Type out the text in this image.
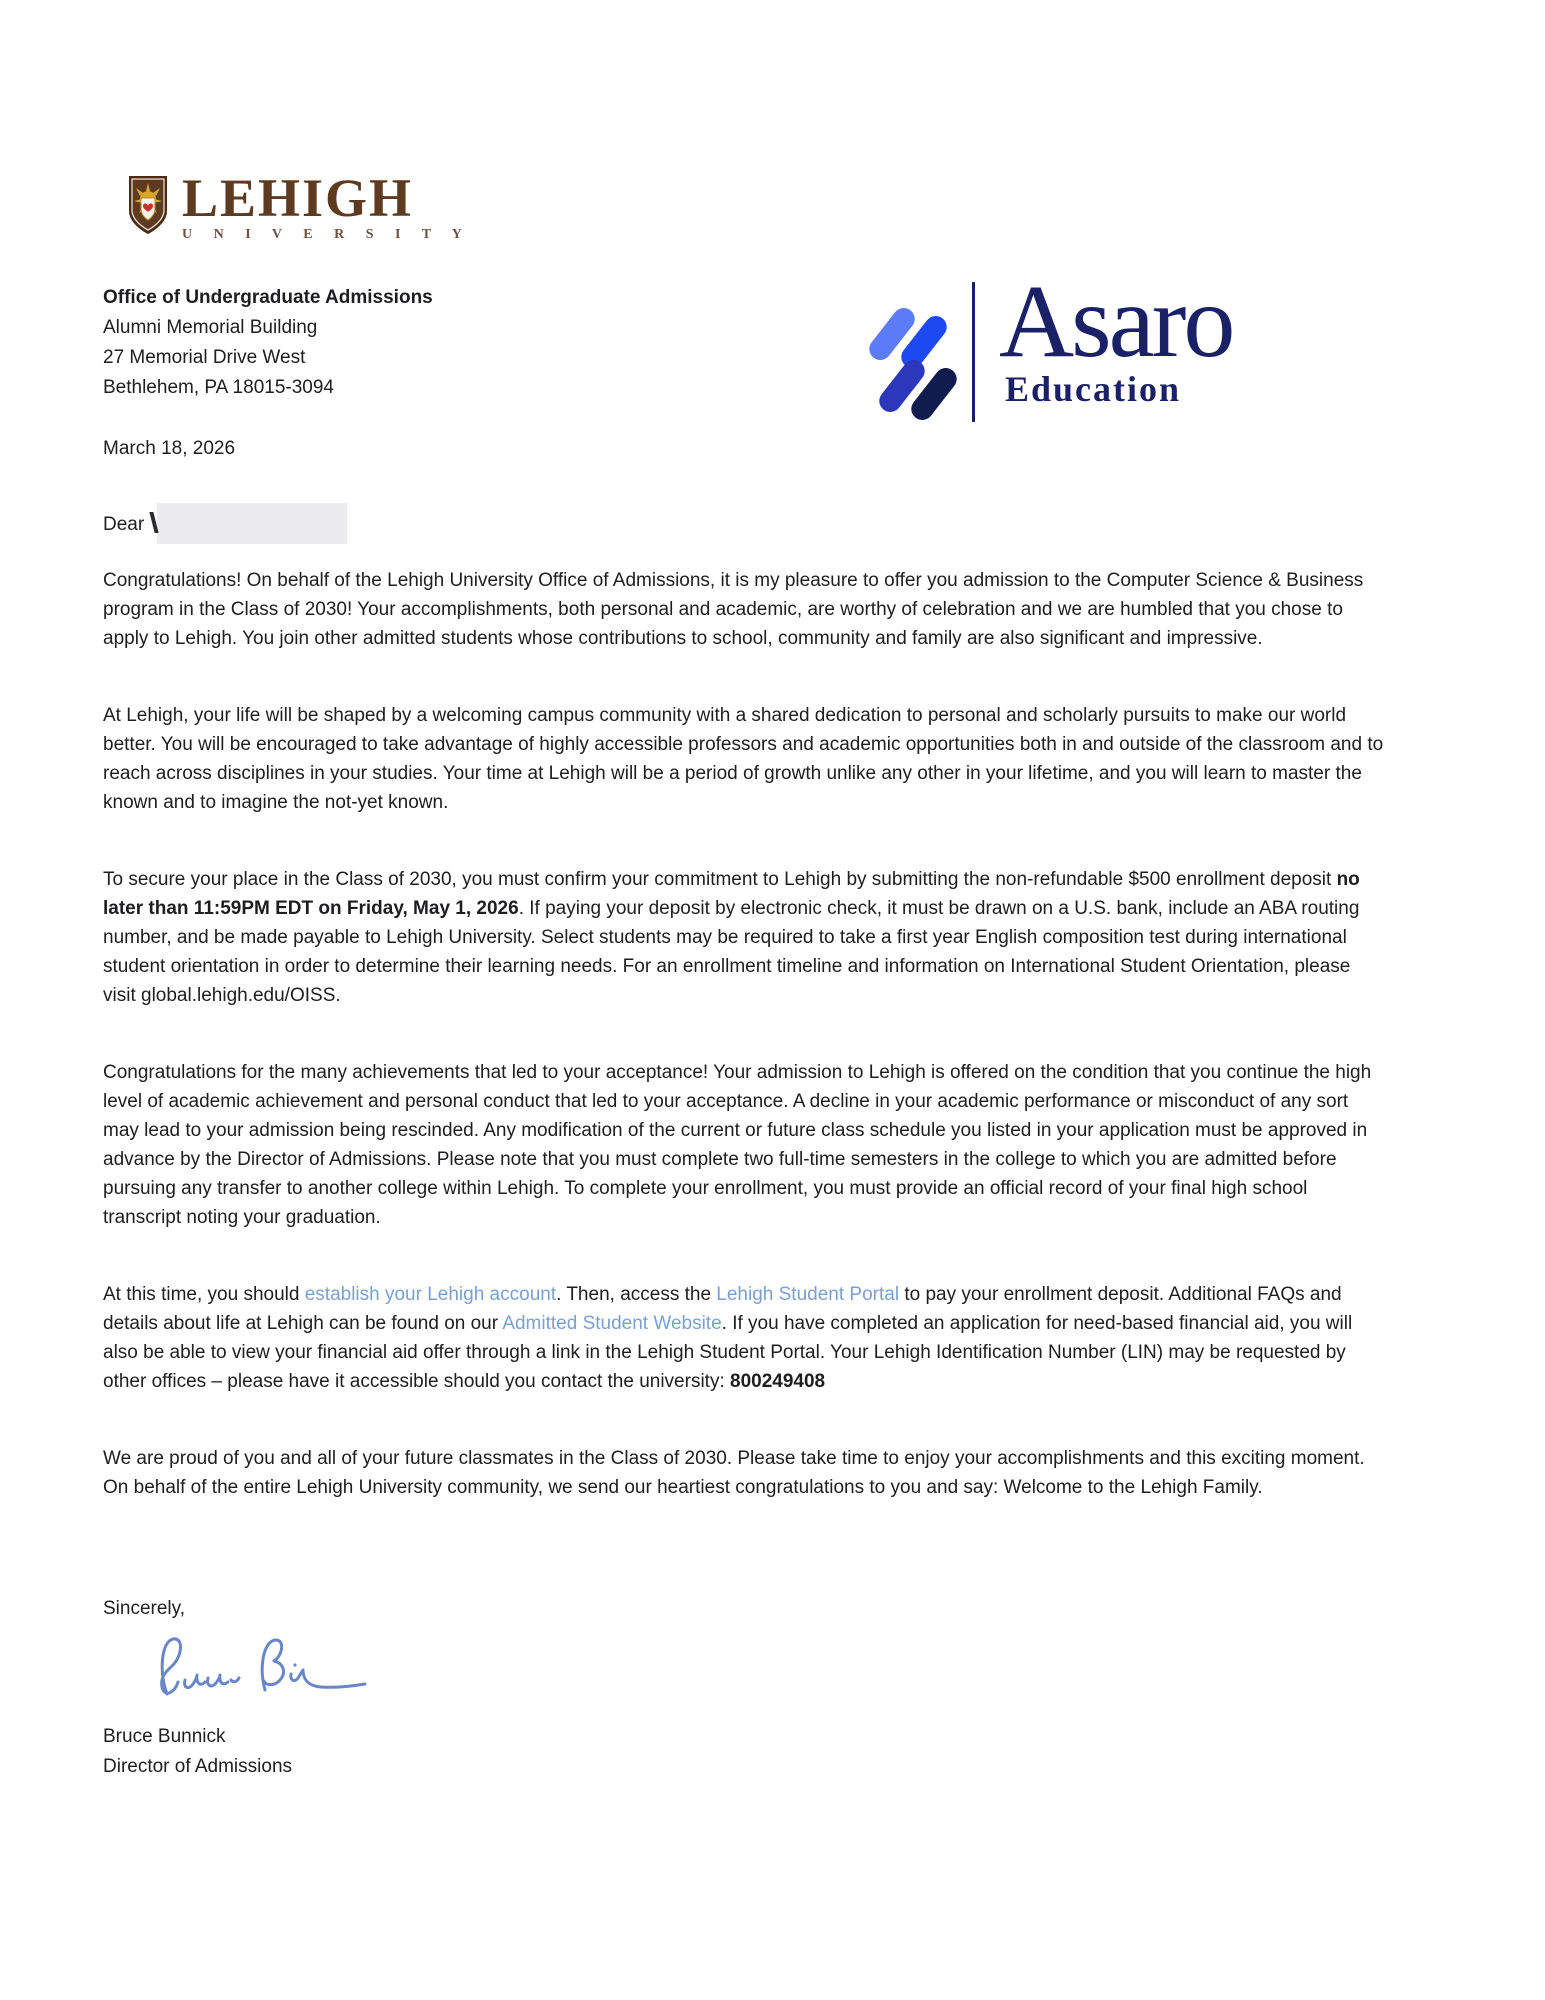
LEHIGH
U N I V E R S I T Y
Office of Undergraduate Admissions
Alumni Memorial Building
27 Memorial Drive West
Bethlehem, PA 18015-3094
Asaro
Education
March 18, 2026
Dear

Congratulations! On behalf of the Lehigh University Office of Admissions, it is my pleasure to offer you admission to the Computer Science & Business program in the Class of 2030! Your accomplishments, both personal and academic, are worthy of celebration and we are humbled that you chose to apply to Lehigh. You join other admitted students whose contributions to school, community and family are also significant and impressive.

At Lehigh, your life will be shaped by a welcoming campus community with a shared dedication to personal and scholarly pursuits to make our world better. You will be encouraged to take advantage of highly accessible professors and academic opportunities both in and outside of the classroom and to reach across disciplines in your studies. Your time at Lehigh will be a period of growth unlike any other in your lifetime, and you will learn to master the known and to imagine the not-yet known.

To secure your place in the Class of 2030, you must confirm your commitment to Lehigh by submitting the non-refundable $500 enrollment deposit no later than 11:59PM EDT on Friday, May 1, 2026. If paying your deposit by electronic check, it must be drawn on a U.S. bank, include an ABA routing number, and be made payable to Lehigh University. Select students may be required to take a first year English composition test during international student orientation in order to determine their learning needs. For an enrollment timeline and information on International Student Orientation, please visit global.lehigh.edu/OISS.

Congratulations for the many achievements that led to your acceptance! Your admission to Lehigh is offered on the condition that you continue the high level of academic achievement and personal conduct that led to your acceptance. A decline in your academic performance or misconduct of any sort may lead to your admission being rescinded. Any modification of the current or future class schedule you listed in your application must be approved in advance by the Director of Admissions. Please note that you must complete two full-time semesters in the college to which you are admitted before pursuing any transfer to another college within Lehigh. To complete your enrollment, you must provide an official record of your final high school transcript noting your graduation.

At this time, you should establish your Lehigh account. Then, access the Lehigh Student Portal to pay your enrollment deposit. Additional FAQs and details about life at Lehigh can be found on our Admitted Student Website. If you have completed an application for need-based financial aid, you will also be able to view your financial aid offer through a link in the Lehigh Student Portal. Your Lehigh Identification Number (LIN) may be requested by other offices – please have it accessible should you contact the university: 800249408

We are proud of you and all of your future classmates in the Class of 2030. Please take time to enjoy your accomplishments and this exciting moment. On behalf of the entire Lehigh University community, we send our heartiest congratulations to you and say: Welcome to the Lehigh Family.

Sincerely,
Bruce Bunnick
Director of Admissions
